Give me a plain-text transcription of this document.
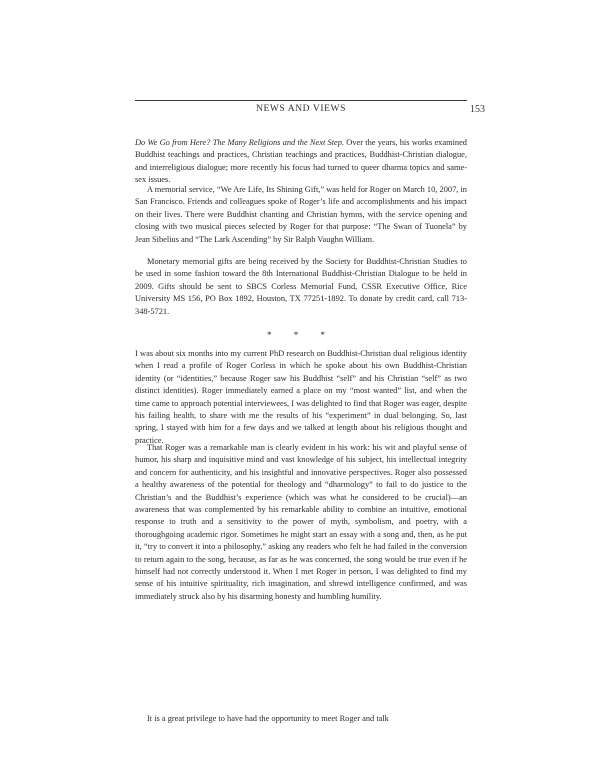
NEWS AND VIEWS	153

Do We Go from Here? The Many Religions and the Next Step. Over the years, his works examined Buddhist teachings and practices, Christian teachings and practices, Buddhist-Christian dialogue, and interreligious dialogue; more recently his focus had turned to queer dharma topics and same-sex issues.

A memorial service, “We Are Life, Its Shining Gift,” was held for Roger on March 10, 2007, in San Francisco. Friends and colleagues spoke of Roger’s life and accomplishments and his impact on their lives. There were Buddhist chanting and Christian hymns, with the service opening and closing with two musical pieces selected by Roger for that purpose: “The Swan of Tuonela” by Jean Sibelius and “The Lark Ascending” by Sir Ralph Vaughn William.

Monetary memorial gifts are being received by the Society for Buddhist-Christian Studies to be used in some fashion toward the 8th International Buddhist-Christian Dialogue to be held in 2009. Gifts should be sent to SBCS Corless Memorial Fund, CSSR Executive Office, Rice University MS 156, PO Box 1892, Houston, TX 77251-1892. To donate by credit card, call 713-348-5721.

* * *

I was about six months into my current PhD research on Buddhist-Christian dual religious identity when I read a profile of Roger Corless in which he spoke about his own Buddhist-Christian identity (or “identities,” because Roger saw his Buddhist “self” and his Christian “self” as two distinct identities). Roger immediately earned a place on my “most wanted” list, and when the time came to approach potential interviewees, I was delighted to find that Roger was eager, despite his failing health, to share with me the results of his “experiment” in dual belonging. So, last spring, I stayed with him for a few days and we talked at length about his religious thought and practice.

That Roger was a remarkable man is clearly evident in his work: his wit and playful sense of humor, his sharp and inquisitive mind and vast knowledge of his subject, his intellectual integrity and concern for authenticity, and his insightful and innovative perspectives. Roger also possessed a healthy awareness of the potential for theology and “dharmology” to fail to do justice to the Christian’s and the Buddhist’s experience (which was what he considered to be crucial)—an awareness that was complemented by his remarkable ability to combine an intuitive, emotional response to truth and a sensitivity to the power of myth, symbolism, and poetry, with a thoroughgoing academic rigor. Sometimes he might start an essay with a song and, then, as he put it, “try to convert it into a philosophy,” asking any readers who felt he had failed in the conversion to return again to the song, because, as far as he was concerned, the song would be true even if he himself had not correctly understood it. When I met Roger in person, I was delighted to find my sense of his intuitive spirituality, rich imagination, and shrewd intelligence confirmed, and was immediately struck also by his disarming honesty and humbling humility.

It is a great privilege to have had the opportunity to meet Roger and talk
